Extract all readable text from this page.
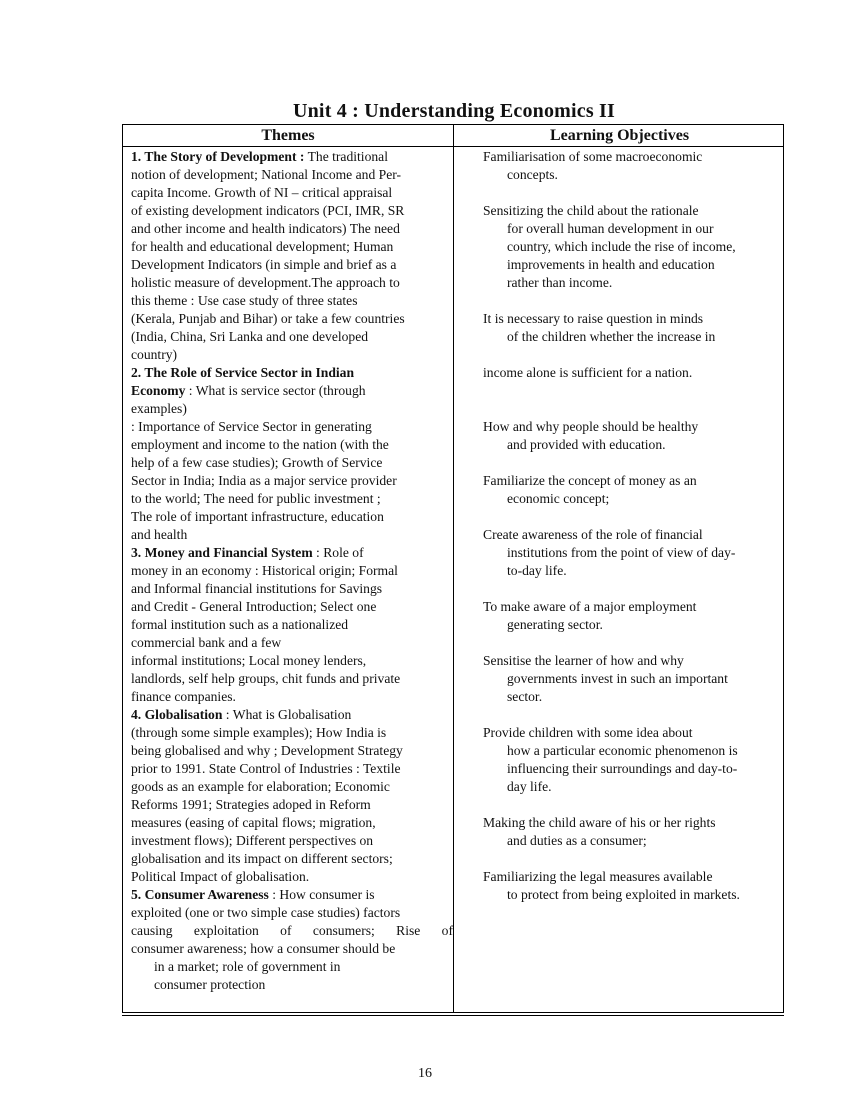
Unit 4 : Understanding Economics II
Themes	Learning Objectives
1. The Story of Development : The traditional
notion of development; National Income and Per-
capita Income. Growth of NI – critical appraisal
of existing development indicators (PCI, IMR, SR
and other income and health indicators) The need
for health and educational development; Human
Development Indicators (in simple and brief as a
holistic measure of development.The approach to
this theme : Use case study of three states
(Kerala, Punjab and Bihar) or take a few countries
(India, China, Sri Lanka and one developed
country)
2. The Role of Service Sector in Indian
Economy : What is service sector (through
examples)
: Importance of Service Sector in generating
employment and income to the nation (with the
help of a few case studies); Growth of Service
Sector in India; India as a major service provider
to the world; The need for public investment ;
The role of important infrastructure, education
and health
3. Money and Financial System : Role of
money in an economy : Historical origin; Formal
and Informal financial institutions for Savings
and Credit - General Introduction; Select one
formal institution such as a nationalized
commercial bank and a few
informal institutions; Local money lenders,
landlords, self help groups, chit funds and private
finance companies.
4. Globalisation : What is Globalisation
(through some simple examples); How India is
being globalised and why ; Development Strategy
prior to 1991. State Control of Industries : Textile
goods as an example for elaboration; Economic
Reforms 1991; Strategies adoped in Reform
measures (easing of capital flows; migration,
investment flows); Different perspectives on
globalisation and its impact on different sectors;
Political Impact of globalisation.
5. Consumer Awareness : How consumer is
exploited (one or two simple case studies) factors
causing exploitation of consumers; Rise of
consumer awareness; how a consumer should be
in a market; role of government in
consumer protection
Familiarisation of some macroeconomic
concepts.
Sensitizing the child about the rationale
for overall human development in our
country, which include the rise of income,
improvements in health and education
rather than income.
It is necessary to raise question in minds
of the children whether the increase in
income alone is sufficient for a nation.
How and why people should be healthy
and provided with education.
Familiarize the concept of money as an
economic concept;
Create awareness of the role of financial
institutions from the point of view of day-
to-day life.
To make aware of a major employment
generating sector.
Sensitise the learner of how and why
governments invest in such an important
sector.
Provide children with some idea about
how a particular economic phenomenon is
influencing their surroundings and day-to-
day life.
Making the child aware of his or her rights
and duties as a consumer;
Familiarizing the legal measures available
to protect from being exploited in markets.
16
